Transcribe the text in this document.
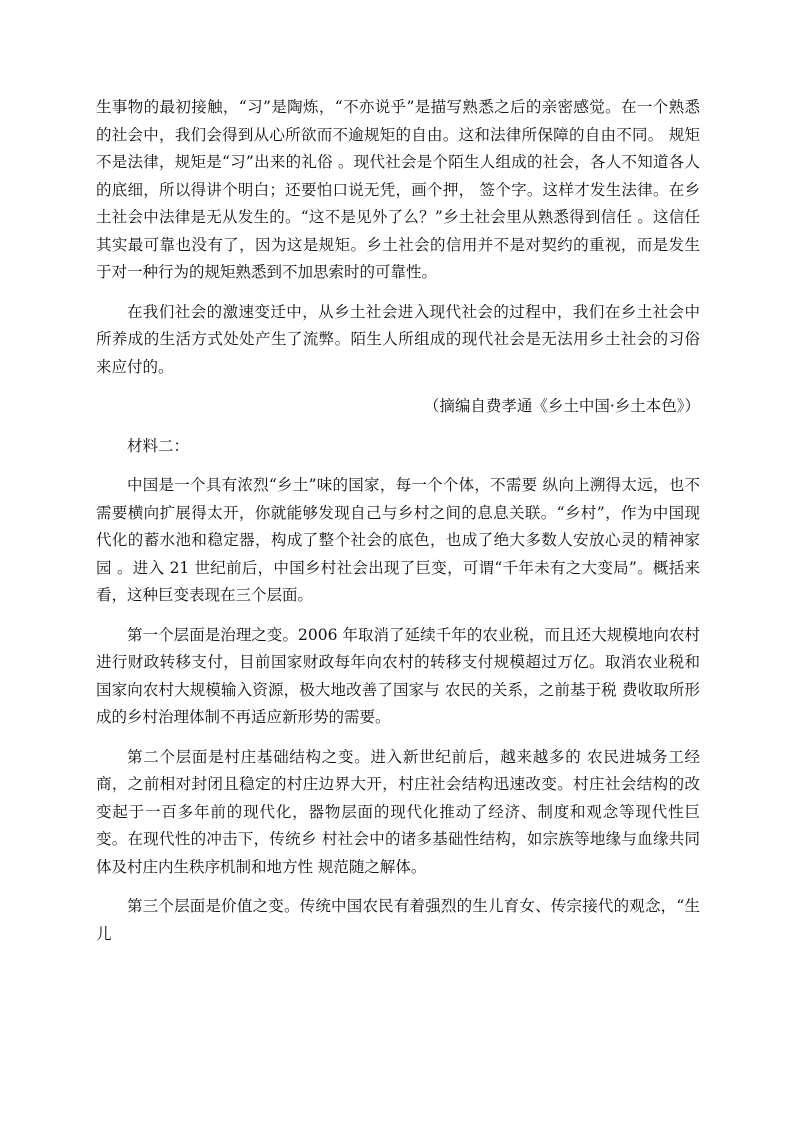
生事物的最初接触，“习”是陶炼，“不亦说乎”是描写熟悉之后的亲密感觉。在一个熟悉的社会中，我们会得到从心所欲而不逾规矩的自由。这和法律所保障的自由不同。 规矩不是法律，规矩是“习”出来的礼俗 。现代社会是个陌生人组成的社会，各人不知道各人的底细，所以得讲个明白；还要怕口说无凭，画个押， 签个字。这样才发生法律。在乡土社会中法律是无从发生的。“这不是见外了么？”乡土社会里从熟悉得到信任 。这信任其实最可靠也没有了，因为这是规矩。乡土社会的信用并不是对契约的重视，而是发生于对一种行为的规矩熟悉到不加思索时的可靠性。

在我们社会的激速变迁中，从乡土社会进入现代社会的过程中，我们在乡土社会中所养成的生活方式处处产生了流弊。陌生人所组成的现代社会是无法用乡土社会的习俗来应付的。

（摘编自费孝通《乡土中国·乡土本色》）

材料二：

中国是一个具有浓烈“乡土”味的国家，每一个个体，不需要 纵向上溯得太远，也不需要横向扩展得太开，你就能够发现自己与乡村之间的息息关联。“乡村”，作为中国现代化的蓄水池和稳定器，构成了整个社会的底色，也成了绝大多数人安放心灵的精神家园 。进入 21 世纪前后，中国乡村社会出现了巨变，可谓“千年未有之大变局”。概括来看，这种巨变表现在三个层面。

第一个层面是治理之变。2006 年取消了延续千年的农业税，而且还大规模地向农村进行财政转移支付，目前国家财政每年向农村的转移支付规模超过万亿。取消农业税和国家向农村大规模输入资源，极大地改善了国家与 农民的关系，之前基于税 费收取所形成的乡村治理体制不再适应新形势的需要。

第二个层面是村庄基础结构之变。进入新世纪前后，越来越多的 农民进城务工经商，之前相对封闭且稳定的村庄边界大开，村庄社会结构迅速改变。村庄社会结构的改变起于一百多年前的现代化，器物层面的现代化推动了经济、制度和观念等现代性巨变。在现代性的冲击下，传统乡 村社会中的诸多基础性结构，如宗族等地缘与血缘共同体及村庄内生秩序机制和地方性 规范随之解体。

第三个层面是价值之变。传统中国农民有着强烈的生儿育女、传宗接代的观念，“生儿
